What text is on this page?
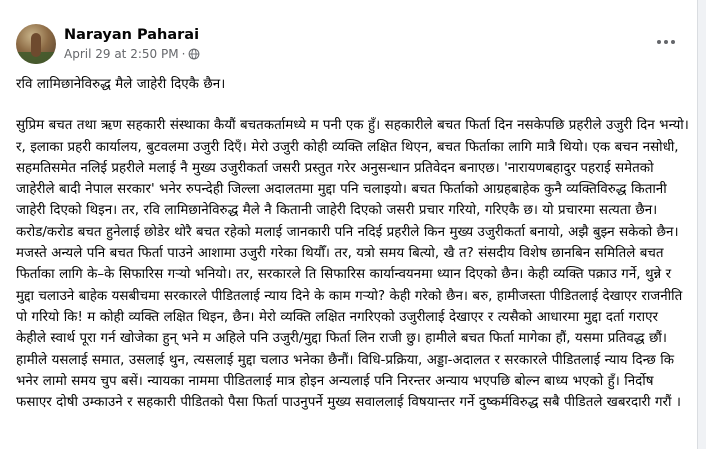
Narayan Paharai
April 29 at 2:50 PM ·

रवि लामिछानेविरुद्ध मैले जाहेरी दिएकै छैन।

सुप्रिम बचत तथा ऋण सहकारी संस्थाका कैयौं बचतकर्तामध्ये म पनी एक हुँ। सहकारीले बचत फिर्ता दिन नसकेपछि प्रहरीले उजुरी दिन भन्यो। र, इलाका प्रहरी कार्यालय, बुटवलमा उजुरी दिएँ। मेरो उजुरी कोही व्यक्ति लक्षित थिएन, बचत फिर्ताका लागि मात्रै थियो। एक बचन नसोधी, सहमतिसमेत नलिई प्रहरीले मलाई नै मुख्य उजुरीकर्ता जसरी प्रस्तुत गरेर अनुसन्धान प्रतिवेदन बनाएछ। 'नारायणबहादुर पहराई समेतको जाहेरीले बादी नेपाल सरकार' भनेर रुपन्देही जिल्ला अदालतमा मुद्दा पनि चलाइयो। बचत फिर्ताको आग्रहबाहेक कुनै व्यक्तिविरुद्ध कितानी जाहेरी दिएको थिइन। तर, रवि लामिछानेविरुद्ध मैले नै कितानी जाहेरी दिएको जसरी प्रचार गरियो, गरिएकै छ। यो प्रचारमा सत्यता छैन। करोड/करोड बचत हुनेलाई छोडेर थोरै बचत रहेको मलाई जानकारी पनि नदिई प्रहरीले किन मुख्य उजुरीकर्ता बनायो, अझै बुझ्न सकेको छैन। मजस्ते अन्यले पनि बचत फिर्ता पाउने आशामा उजुरी गरेका थियौँ। तर, यत्रो समय बित्यो, खै त? संसदीय विशेष छानबिन समितिले बचत फिर्ताका लागि के–के सिफारिस गर्‍यो भनियो। तर, सरकारले ति सिफारिस कार्यान्वयनमा ध्यान दिएको छैन। केही व्यक्ति पक्राउ गर्ने, थुन्ने र मुद्दा चलाउने बाहेक यसबीचमा सरकारले पीडितलाई न्याय दिने के काम गर्‍यो? केही गरेको छैन। बरु, हामीजस्ता पीडितलाई देखाएर राजनीति पो गरियो कि! म कोही व्यक्ति लक्षित थिइन, छैन। मेरो व्यक्ति लक्षित नगरिएको उजुरीलाई देखाएर र त्यसैको आधारमा मुद्दा दर्ता गराएर केहीले स्वार्थ पूरा गर्न खोजेका हुन् भने म अहिले पनि उजुरी/मुद्दा फिर्ता लिन राजी छु। हामीले बचत फिर्ता मागेका हौं, यसमा प्रतिवद्ध छौं। हामीले यसलाई समात, उसलाई थुन, त्यसलाई मुद्दा चलाउ भनेका छैनौं। विधि-प्रक्रिया, अड्डा-अदालत र सरकारले पीडितलाई न्याय दिन्छ कि भनेर लामो समय चुप बसें। न्यायका नाममा पीडितलाई मात्र होइन अन्यलाई पनि निरन्तर अन्याय भएपछि बोल्न बाध्य भएको हुँ। निर्दोष फसाएर दोषी उम्काउने र सहकारी पीडितको पैसा फिर्ता पाउनुपर्ने मुख्य सवाललाई विषयान्तर गर्ने दुष्कर्मविरुद्ध सबै पीडितले खबरदारी गरौं ।
